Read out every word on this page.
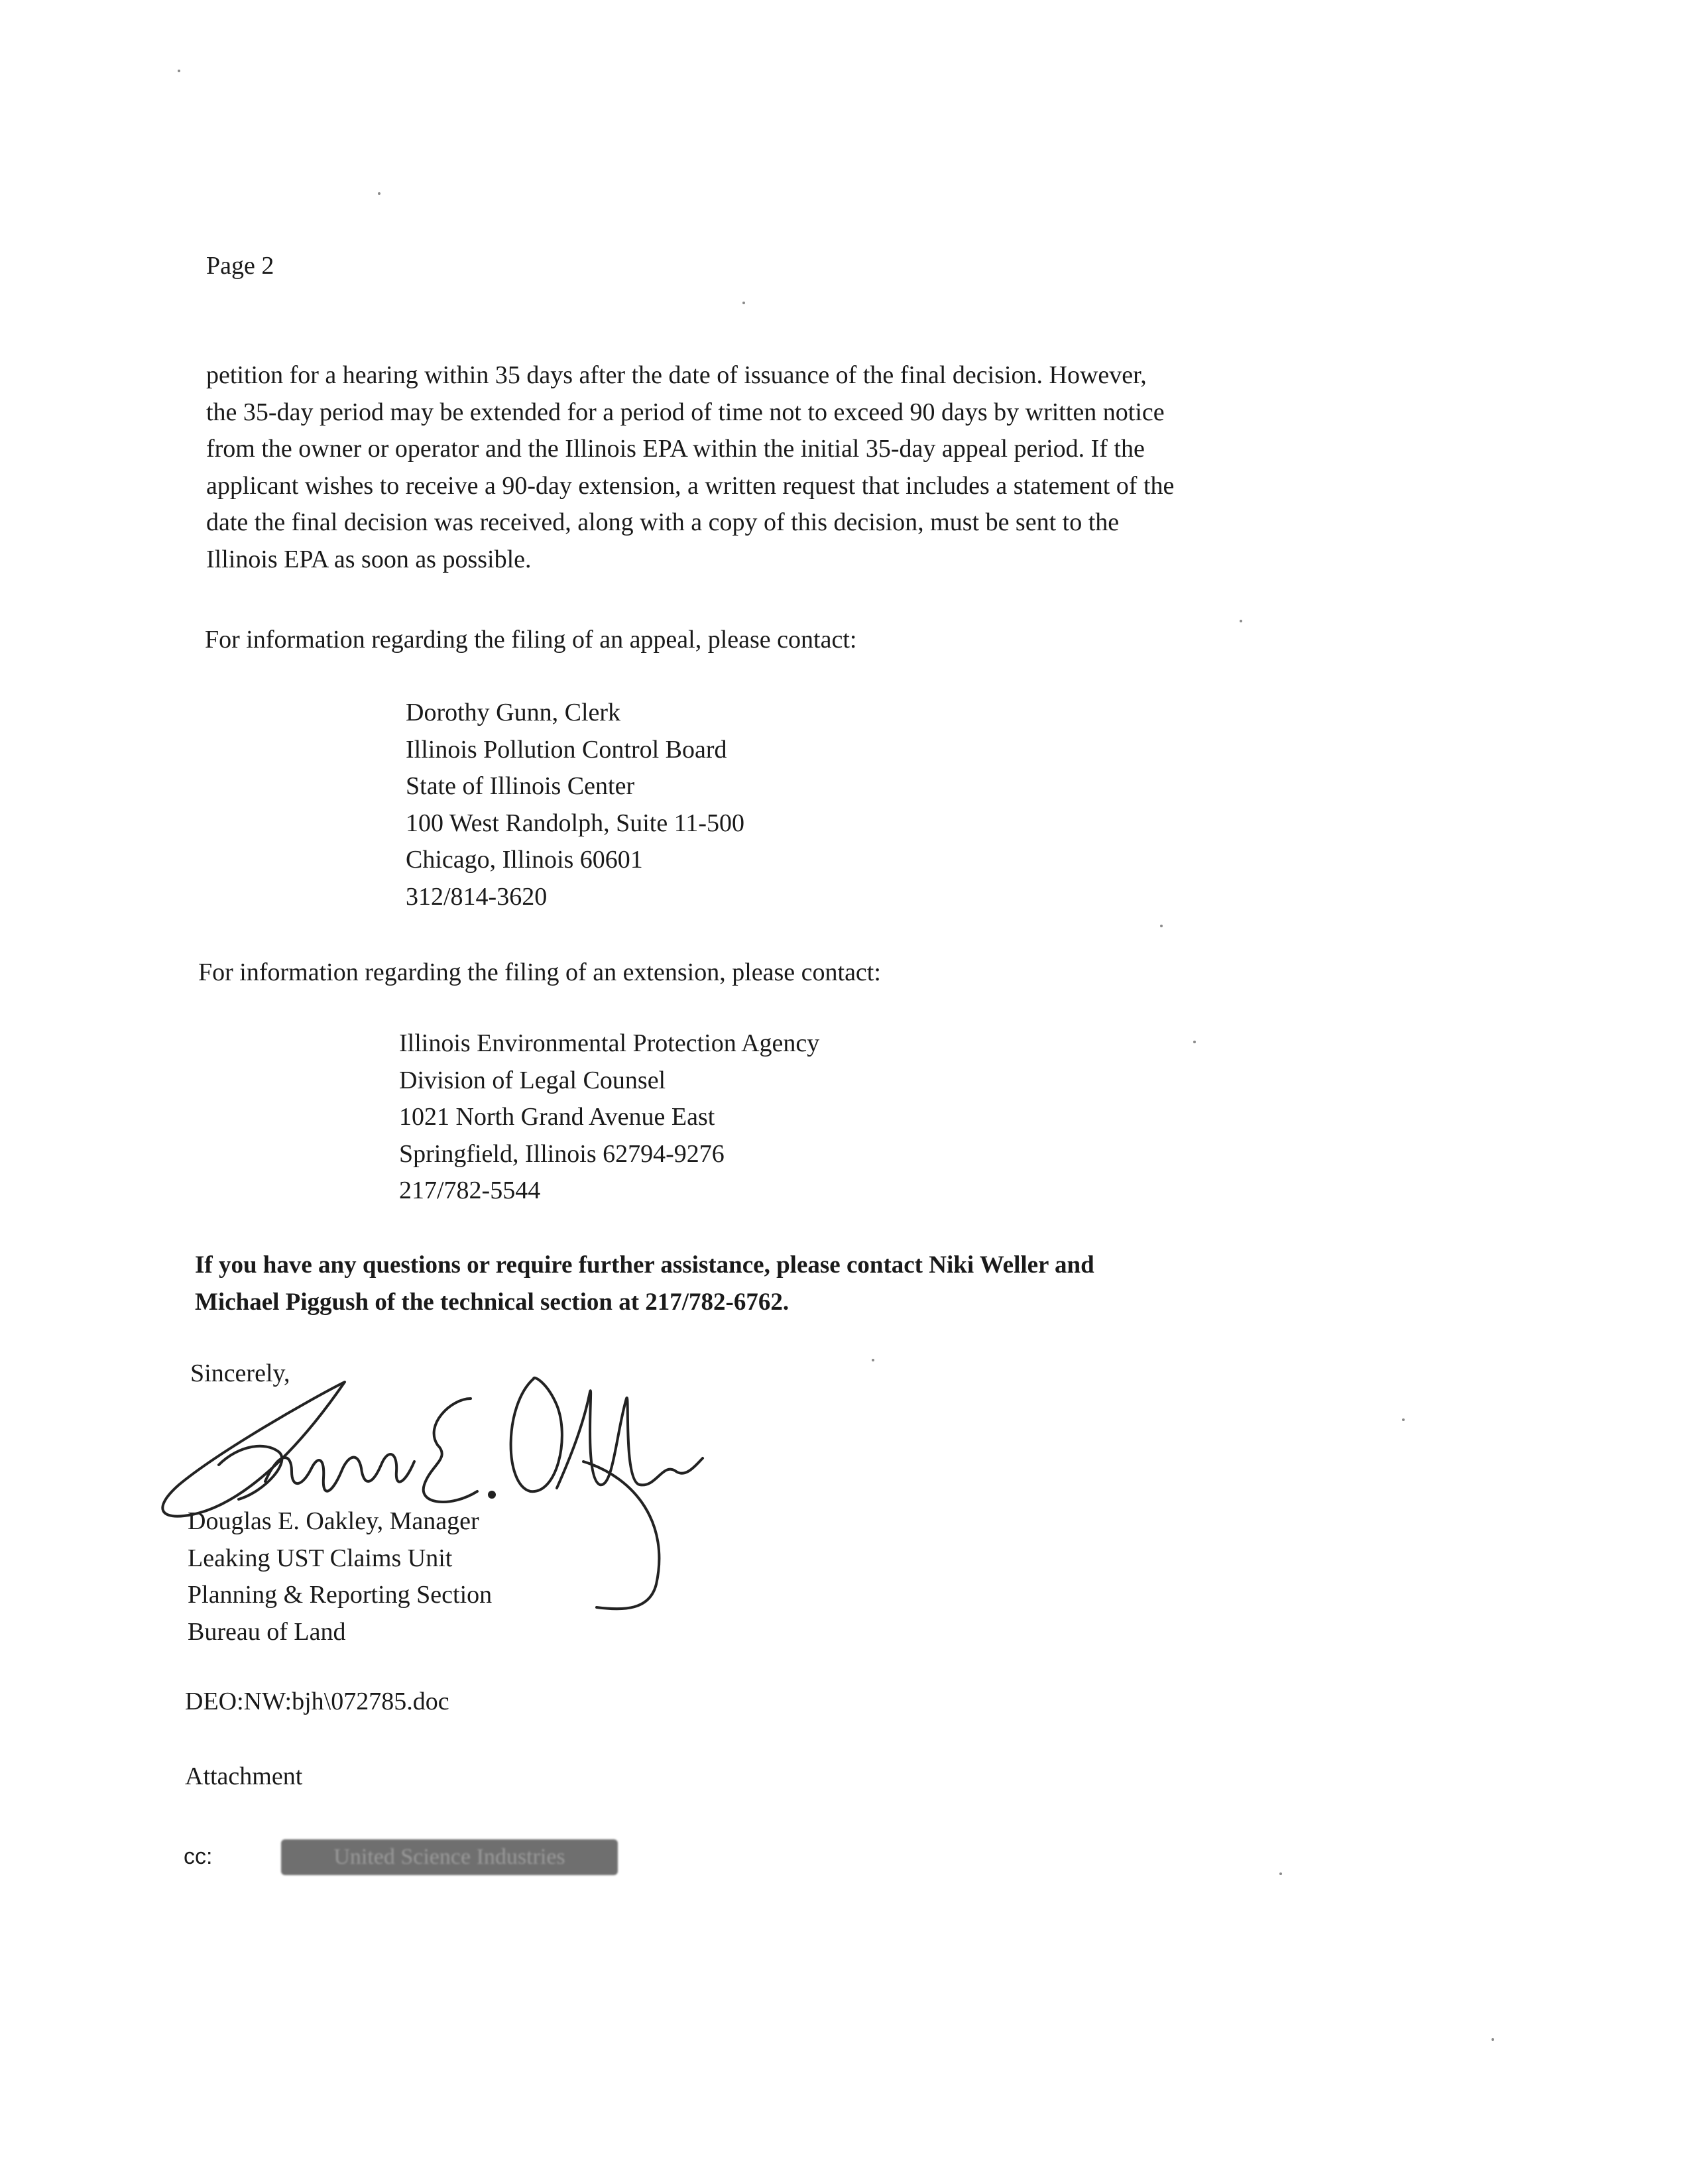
Page 2
petition for a hearing within 35 days after the date of issuance of the final decision. However,
the 35-day period may be extended for a period of time not to exceed 90 days by written notice
from the owner or operator and the Illinois EPA within the initial 35-day appeal period. If the
applicant wishes to receive a 90-day extension, a written request that includes a statement of the
date the final decision was received, along with a copy of this decision, must be sent to the
Illinois EPA as soon as possible.
For information regarding the filing of an appeal, please contact:
Dorothy Gunn, Clerk
Illinois Pollution Control Board
State of Illinois Center
100 West Randolph, Suite 11-500
Chicago, Illinois 60601
312/814-3620
For information regarding the filing of an extension, please contact:
Illinois Environmental Protection Agency
Division of Legal Counsel
1021 North Grand Avenue East
Springfield, Illinois 62794-9276
217/782-5544
If you have any questions or require further assistance, please contact Niki Weller and
Michael Piggush of the technical section at 217/782-6762.
Sincerely,
Douglas E. Oakley, Manager
Leaking UST Claims Unit
Planning & Reporting Section
Bureau of Land
DEO:NW:bjh\072785.doc
Attachment
cc:	United Science Industries
